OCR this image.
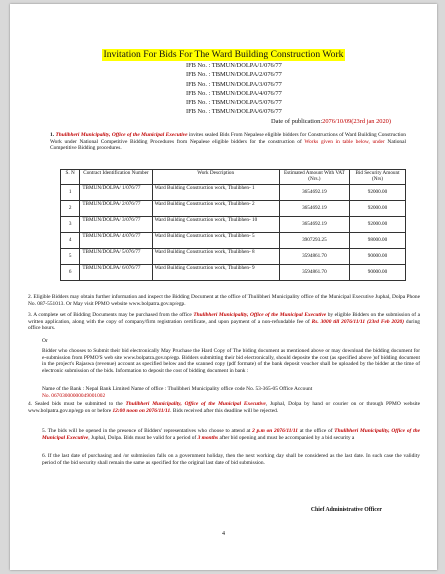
Invitation For Bids For The Ward Building Construction Work
IFB No. : TBMUN/DOLPA/1/076/77
IFB No. : TBMUN/DOLPA/2/076/77
IFB No. : TBMUN/DOLPA/3/076/77
IFB No. : TBMUN/DOLPA/4/076/77
IFB No. : TBMUN/DOLPA/5/076/77
IFB No. : TBMUN/DOLPA/6/076/77
Date of publication:2076/10/09(23rd jan 2020)
1. Thulibheri Municipality, Office of the Municipal Executive invites sealed Bids From Nepalese eligible bidders for Constructions of Ward Building Construction Work under National Competitive Bidding Procedures from Nepalese eligible bidders for the construction of Works given in table below, under National Competitive Bidding procedures.
S. N	Contract Identification Number	Work Description	Estimated Amount With VAT (Nrs.)	Bid Security Amount (Nrs)
1	TBMUN/DOLPA/ 1/076/77	Ward Building Construction work, Thulibhen- 1	3654692.19	92000.00
2	TBMUN/DOLPA/ 2/076/77	Ward Building Construction work, Thulibhen- 2	3654692.19	92000.00
3	TBMUN/DOLPA/ 3/076/77	Ward Building Construction work, Thulibhen- 10	3654692.19	92000.00
4	TBMUN/DOLPA/ 4/076/77	Ward Building Construction work, Thulibhen- 5	3907293.25	98000.00
5	TBMUN/DOLPA/ 5/076/77	Ward Building Construction work, Thulibhen- 8	3594861.70	90000.00
6	TBMUN/DOLPA/ 6/076/77	Ward Building Construction work, Thulibhen- 9	3594861.70	90000.00
2. Eligible Bidders may obtain further information and inspect the Bidding Document at the office of Thulibheri Municipality office of the Municipal Executive Juphal, Dolpa Phone No. 087-551013. Or May visit PPMO website www.bolpatra.gov.np/egp.
3. A complete set of Bidding Documents may be purchased from the office Thulibheri Municipality, Office of the Municipal Executive by eligible Bidders on the submission of a written application, along with the copy of company/firm registration certificate, and upon payment of a non-refundable fee of Rs. 3000 till 2076/11/11 (23rd Feb 2020) during office hours.
Or
Bidder who chooses to Submit their bid electronically May Pruchase the Hard Copy of The biding document as mentioned above or may download the bidding document for e-submission from PPMO'S web site www.bolpatra.gov.np/egp. Bidders submitting their bid electronically, should deposite the cost (as specified above )of bidding document in the project's Rajaswa (revenue) account as specified below and the scanned copy (pdf formate) of the bank deposit voucher shall be uploaded by the bidder at the time of electronic submission of the bids. Information to deposit the cost of bidding document in bank :
Name of the Bank : Nepal Bank Limited Name of office : Thulibheri Municipality office code No. 53-365-05 Office Account
No. 06703000000049001002
4. Sealed bids must be submitted to the Thulibheri Municipality, Office of the Municipal Executive, Juphal, Dolpa by hand or courier on or through PPMO website www.bolpatra.gov.np/egp on or before 12:00 noon on 2076/11/11. Bids received after this deadline will be rejected.
5. The bids will be opened in the presence of Bidders' representatives who choose to attend at 2 p.m on 2076/11/11 at the office of Thulibheri Municipality, Office of the Municipal Executive, Juphal, Dolpa. Bids must be valid for a period of 3 months after bid opening and must be accompanied by a bid security a
6. If the last date of purchasing and /or submission falls on a government holiday, then the next working day shall be considered as the last date. In such case the validity period of the bid security shall remain the same as specified for the original last date of bid submission.
Chief Administrative Officer
4
